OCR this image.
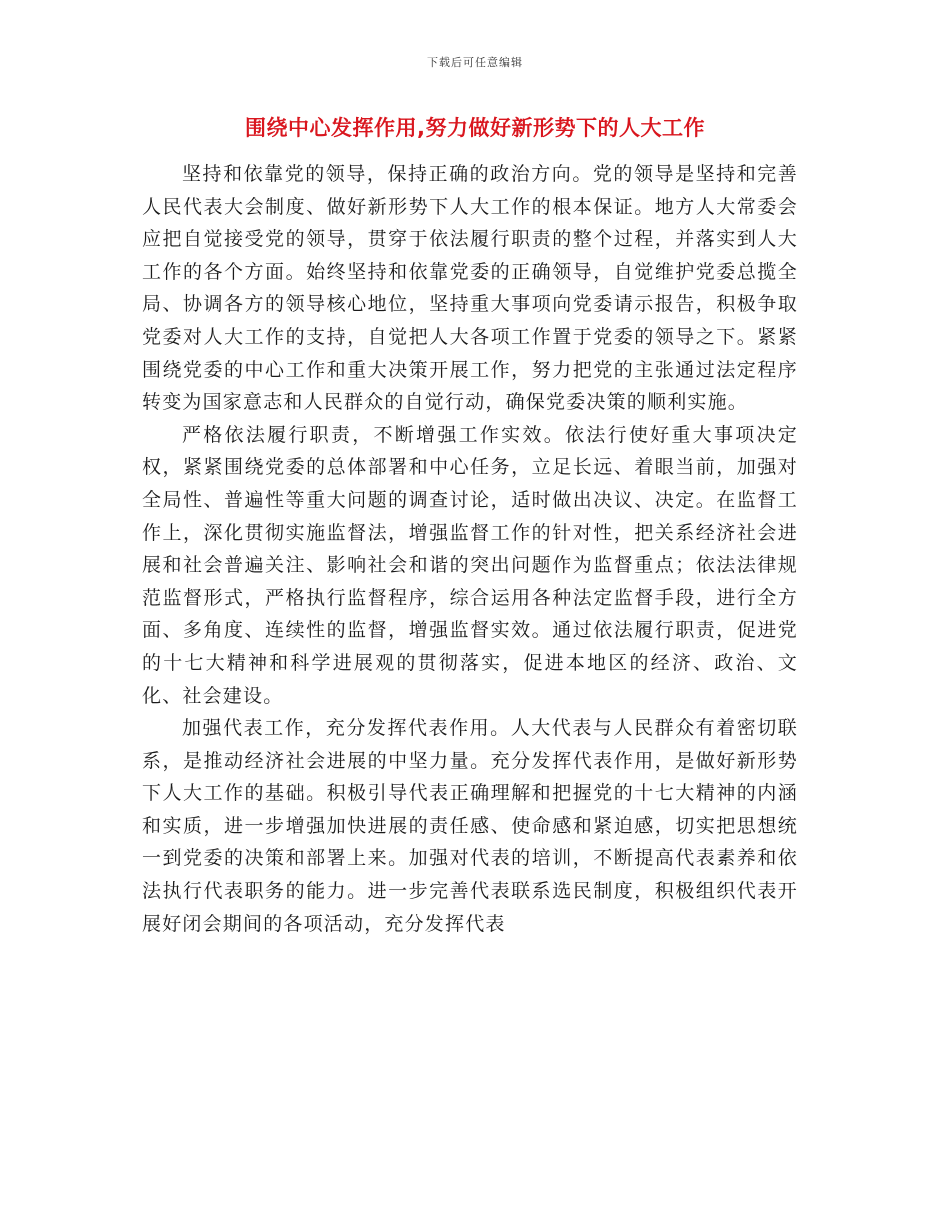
下载后可任意编辑
围绕中心发挥作用,努力做好新形势下的人大工作

坚持和依靠党的领导，保持正确的政治方向。党的领导是坚持和完善人民代表大会制度、做好新形势下人大工作的根本保证。地方人大常委会应把自觉接受党的领导，贯穿于依法履行职责的整个过程，并落实到人大工作的各个方面。始终坚持和依靠党委的正确领导，自觉维护党委总揽全局、协调各方的领导核心地位，坚持重大事项向党委请示报告，积极争取党委对人大工作的支持，自觉把人大各项工作置于党委的领导之下。紧紧围绕党委的中心工作和重大决策开展工作，努力把党的主张通过法定程序转变为国家意志和人民群众的自觉行动，确保党委决策的顺利实施。

严格依法履行职责，不断增强工作实效。依法行使好重大事项决定权，紧紧围绕党委的总体部署和中心任务，立足长远、着眼当前，加强对全局性、普遍性等重大问题的调查讨论，适时做出决议、决定。在监督工作上，深化贯彻实施监督法，增强监督工作的针对性，把关系经济社会进展和社会普遍关注、影响社会和谐的突出问题作为监督重点；依法法律规范监督形式，严格执行监督程序，综合运用各种法定监督手段，进行全方面、多角度、连续性的监督，增强监督实效。通过依法履行职责，促进党的十七大精神和科学进展观的贯彻落实，促进本地区的经济、政治、文化、社会建设。

加强代表工作，充分发挥代表作用。人大代表与人民群众有着密切联系，是推动经济社会进展的中坚力量。充分发挥代表作用，是做好新形势下人大工作的基础。积极引导代表正确理解和把握党的十七大精神的内涵和实质，进一步增强加快进展的责任感、使命感和紧迫感，切实把思想统一到党委的决策和部署上来。加强对代表的培训，不断提高代表素养和依法执行代表职务的能力。进一步完善代表联系选民制度，积极组织代表开展好闭会期间的各项活动，充分发挥代表
